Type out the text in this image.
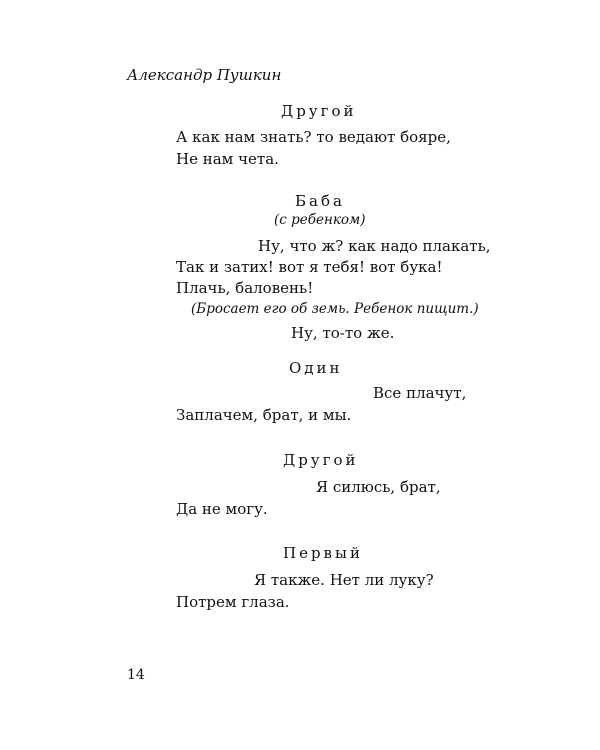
Александр Пушкин
Другой
А как нам знать? то ведают бояре,
Не нам чета.
Баба
(с ребенком)
Ну, что ж? как надо плакать,
Так и затих! вот я тебя! вот бука!
Плачь, баловень!
(Бросает его об земь. Ребенок пищит.)
Ну, то-то же.
Один
Все плачут,
Заплачем, брат, и мы.
Другой
Я силюсь, брат,
Да не могу.
Первый
Я также. Нет ли луку?
Потрем глаза.
14
